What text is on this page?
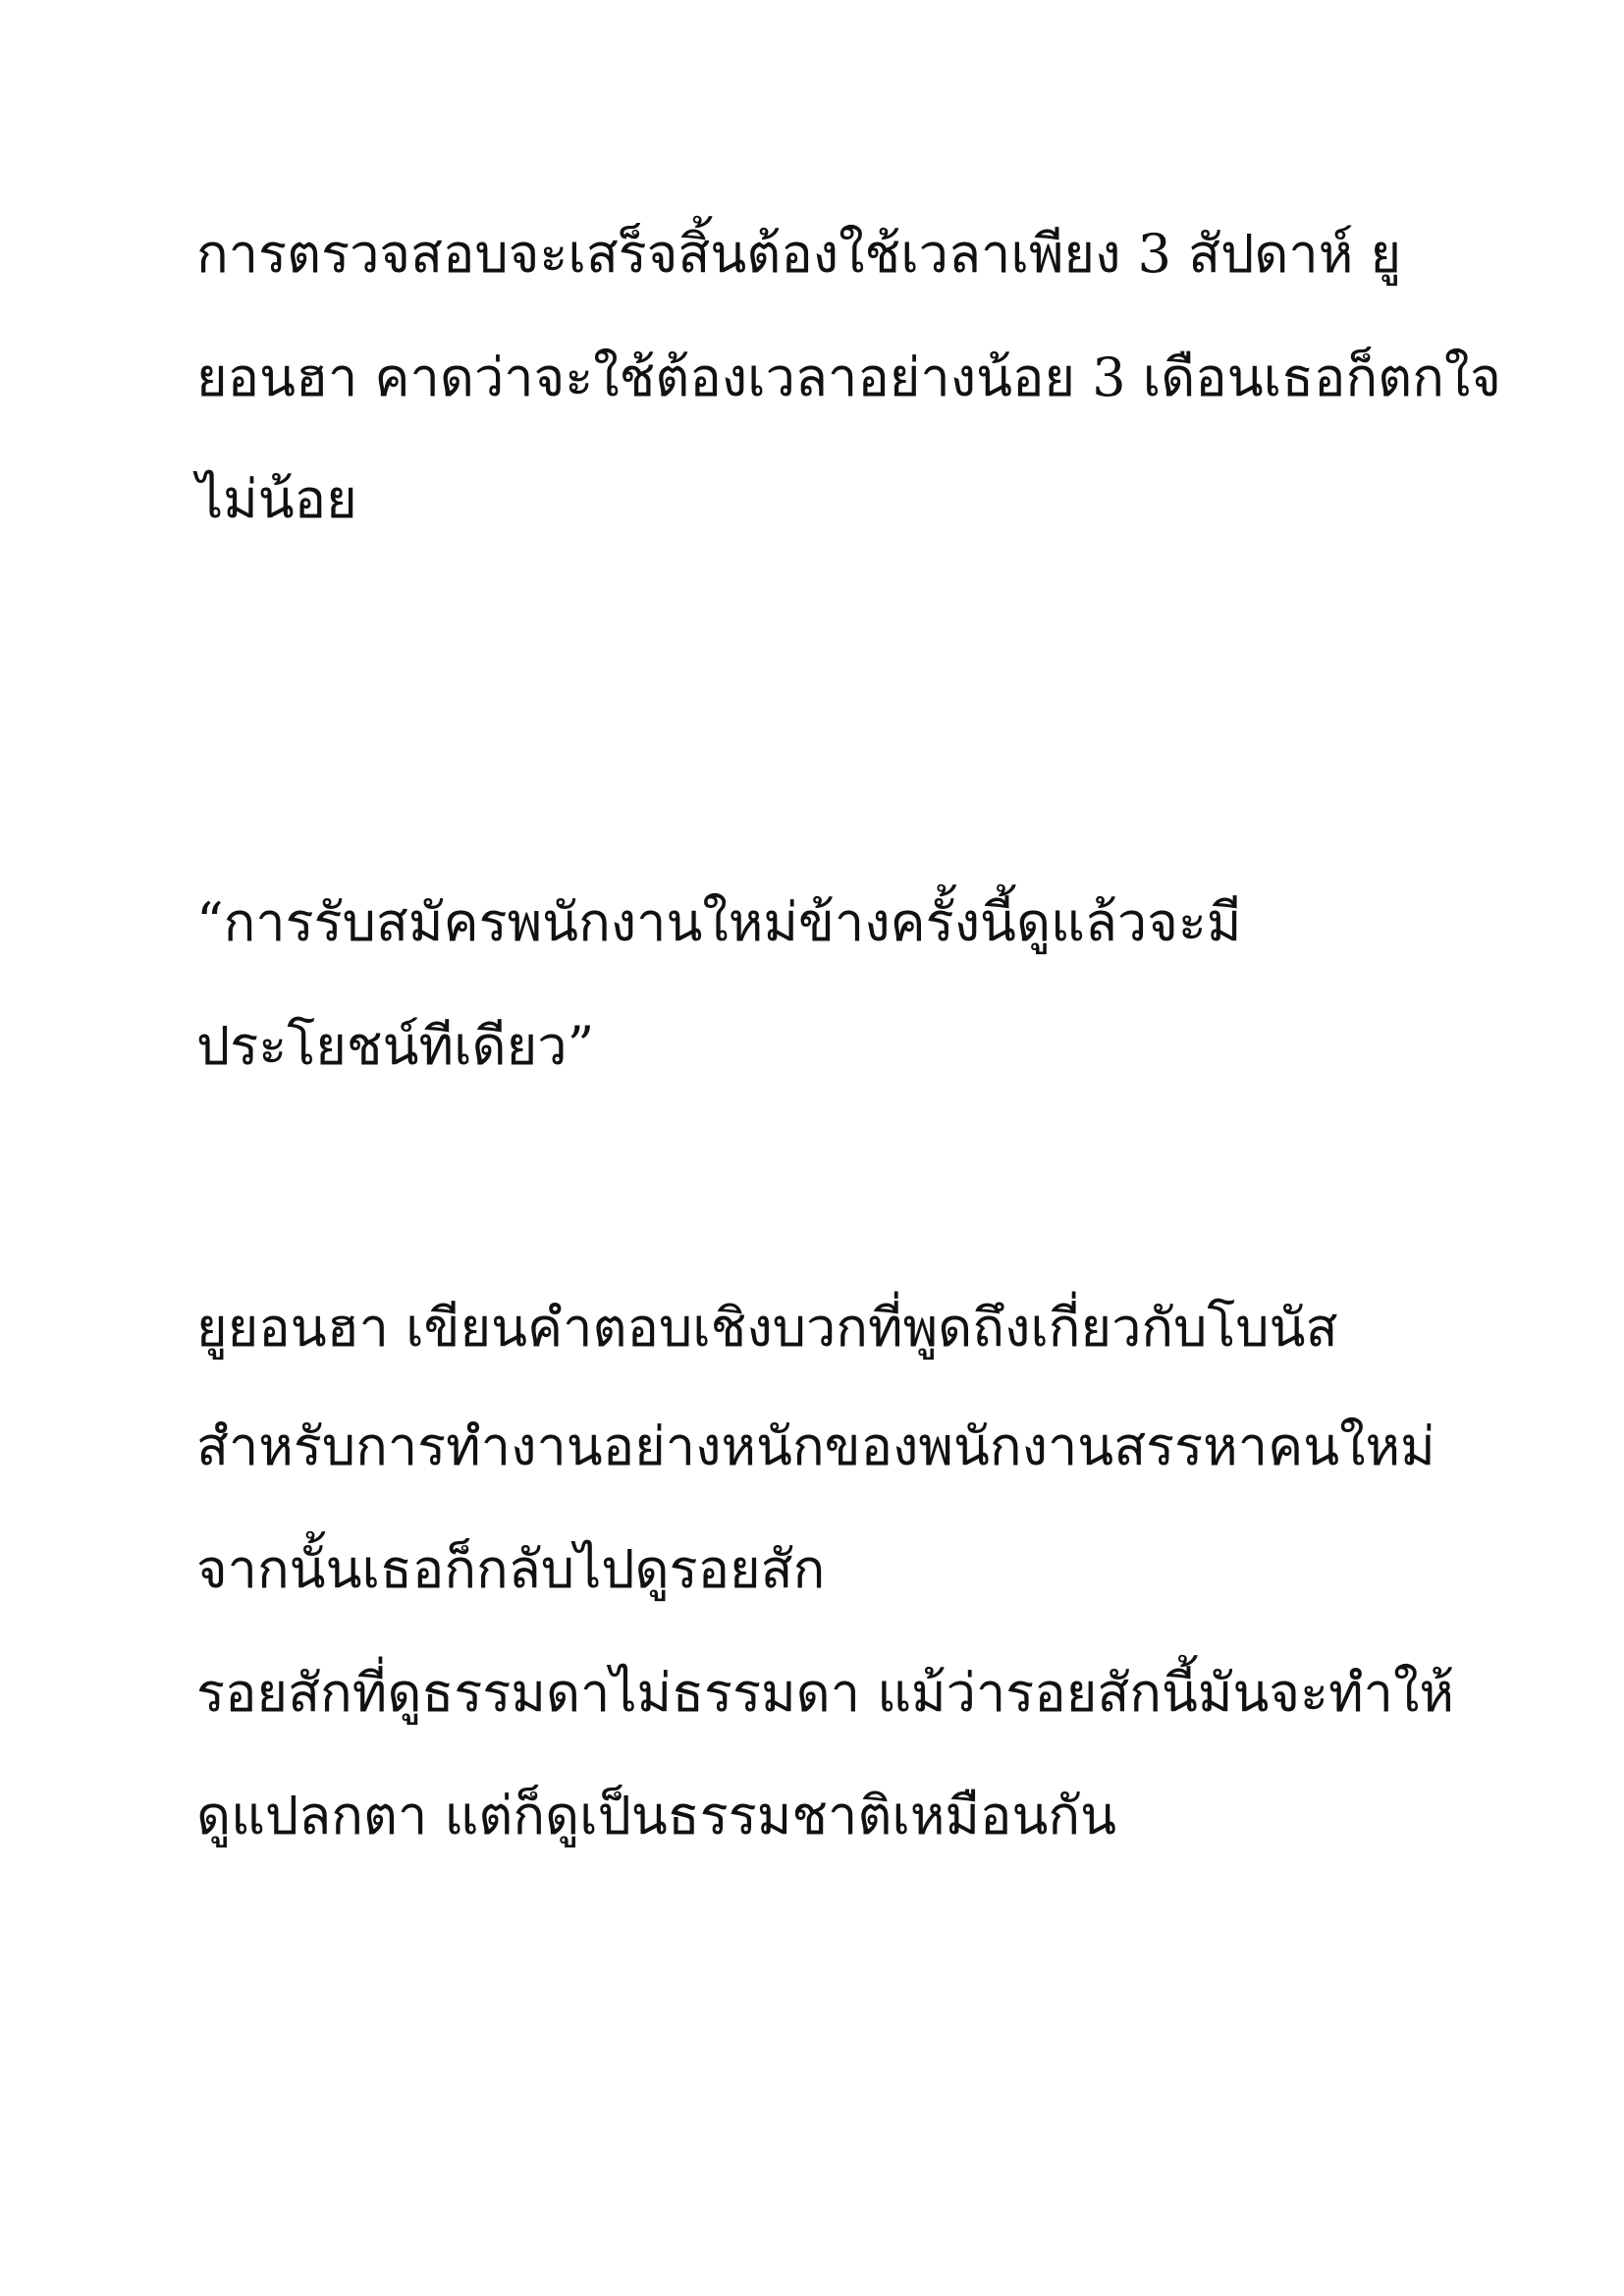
การตรวจสอบจะเสร็จสิ้นต้องใช้เวลาเพียง 3 สัปดาห์ ยู
ยอนฮา คาดว่าจะใช้ต้องเวลาอย่างน้อย 3 เดือนเธอก็ตกใจ
ไม่น้อย
“การรับสมัครพนักงานใหม่ข้างครั้งนี้ดูแล้วจะมี
ประโยชน์ทีเดียว”
ยูยอนฮา เขียนคำตอบเชิงบวกที่พูดถึงเกี่ยวกับโบนัส
สำหรับการทำงานอย่างหนักของพนักงานสรรหาคนใหม่
จากนั้นเธอก็กลับไปดูรอยสัก
รอยสักที่ดูธรรมดาไม่ธรรมดา แม้ว่ารอยสักนี้มันจะทำให้
ดูแปลกตา แต่ก็ดูเป็นธรรมชาติเหมือนกัน
